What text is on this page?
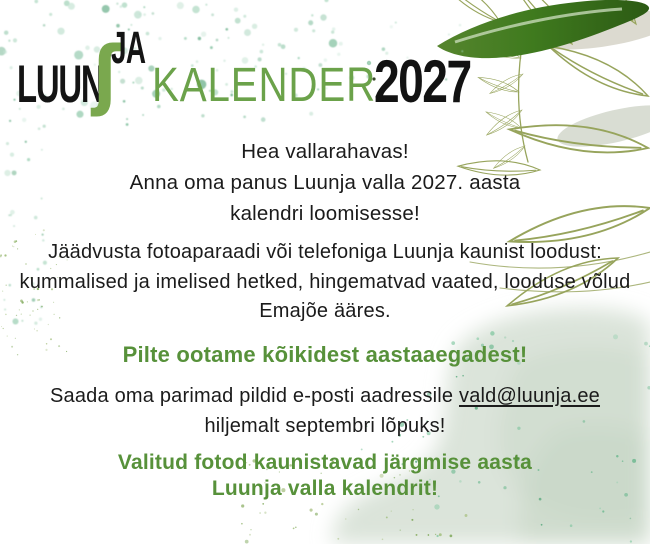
LUUN
ʃ
JA
KALENDER
2027

Hea vallarahavas!

Anna oma panus Luunja valla 2027. aasta

kalendri loomisesse!

Jäädvusta fotoaparaadi või telefoniga Luunja kaunist loodust:

kummalised ja imelised hetked, hingematvad vaated, looduse võlud

Emajõe ääres.

Pilte ootame kõikidest aastaaegadest!

Saada oma parimad pildid e-posti aadressile vald@luunja.ee

hiljemalt septembri lõpuks!

Valitud fotod kaunistavad järgmise aasta

Luunja valla kalendrit!
